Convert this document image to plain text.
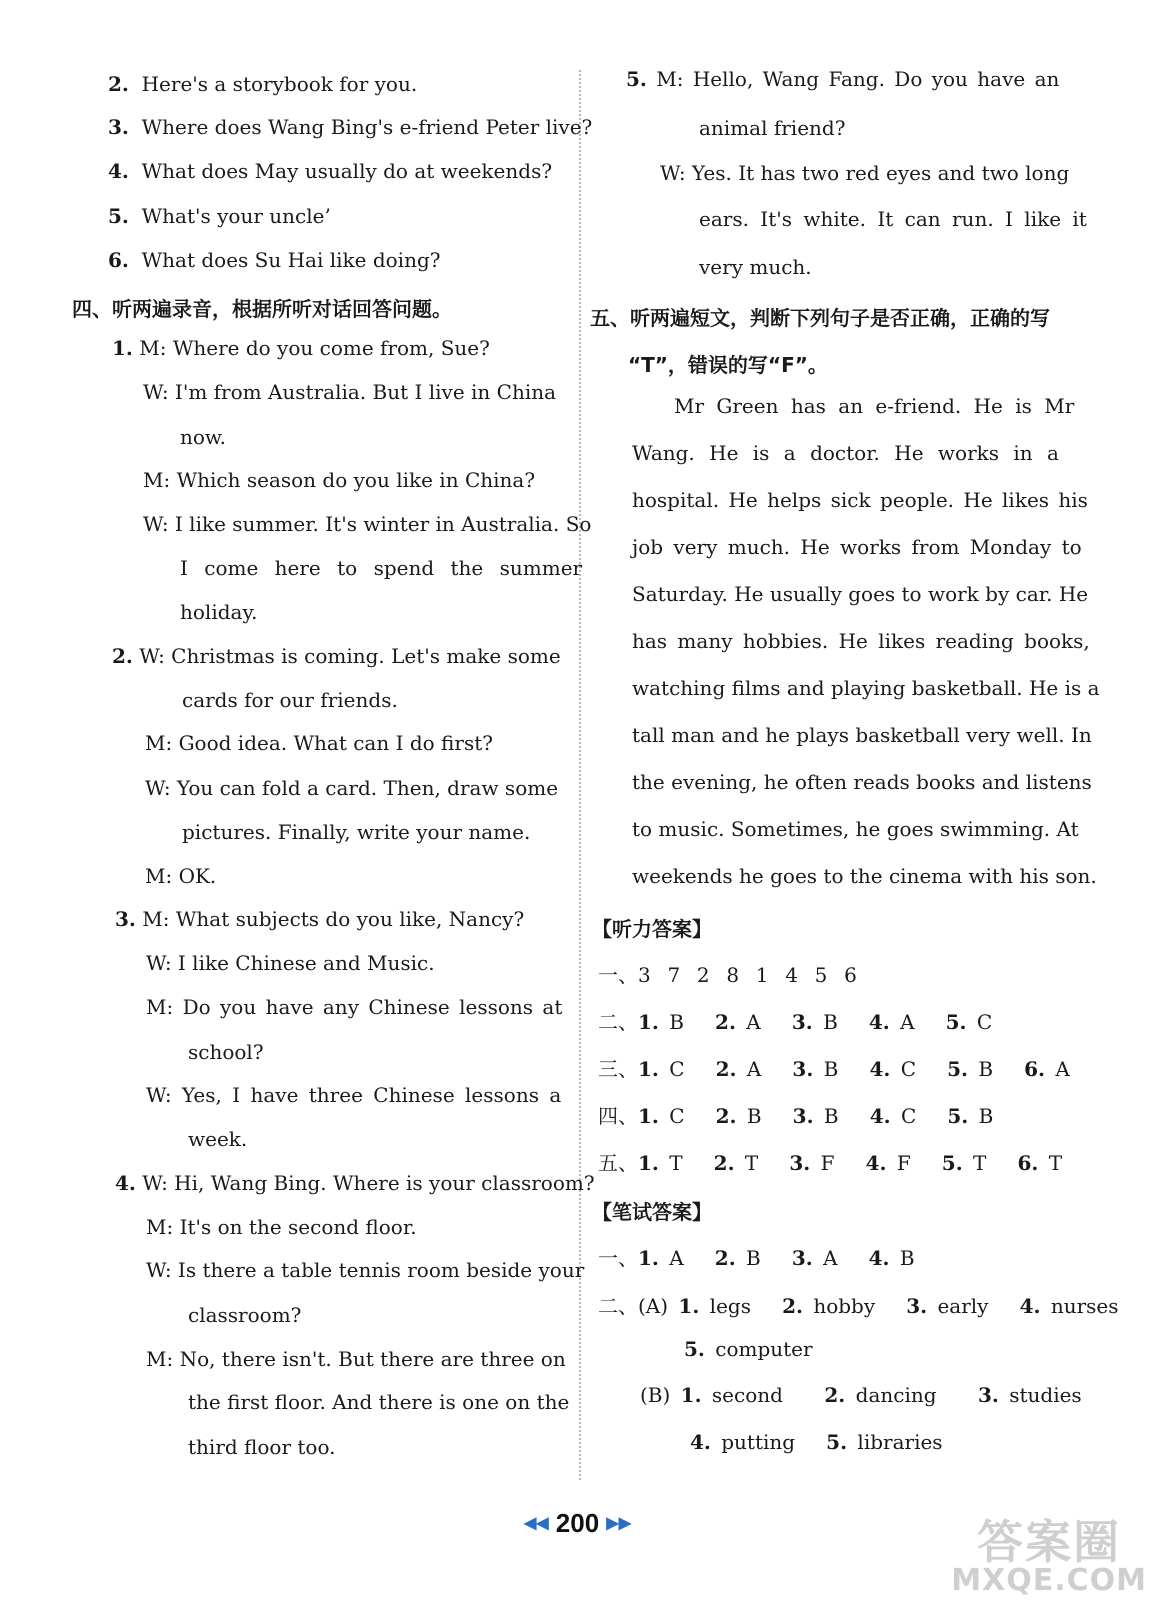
2. Here's a storybook for you.
3. Where does Wang Bing's e-friend Peter live?
4. What does May usually do at weekends?
5. What's your uncle’
6. What does Su Hai like doing?
四、听两遍录音，根据所听对话回答问题。
1. M: Where do you come from, Sue?
W: I'm from Australia. But I live in China
now.
M: Which season do you like in China?
W: I like summer. It's winter in Australia. So
I come here to spend the summer
holiday.
2. W: Christmas is coming. Let's make some
cards for our friends.
M: Good idea. What can I do first?
W: You can fold a card. Then, draw some
pictures. Finally, write your name.
M: OK.
3. M: What subjects do you like, Nancy?
W: I like Chinese and Music.
M: Do you have any Chinese lessons at
school?
W: Yes, I have three Chinese lessons a
week.
4. W: Hi, Wang Bing. Where is your classroom?
M: It's on the second floor.
W: Is there a table tennis room beside your
classroom?
M: No, there isn't. But there are three on
the first floor. And there is one on the
third floor too.
5. M: Hello, Wang Fang. Do you have an
animal friend?
W: Yes. It has two red eyes and two long
ears. It's white. It can run. I like it
very much.
五、听两遍短文，判断下列句子是否正确，正确的写
“T”，错误的写“F”。
Mr Green has an e-friend. He is Mr
Wang. He is a doctor. He works in a
hospital. He helps sick people. He likes his
job very much. He works from Monday to
Saturday. He usually goes to work by car. He
has many hobbies. He likes reading books,
watching films and playing basketball. He is a
tall man and he plays basketball very well. In
the evening, he often reads books and listens
to music. Sometimes, he goes swimming. At
weekends he goes to the cinema with his son.
【听力答案】
一、3  7  2  8  1  4  5  6
二、1. B 2. A 3. B 4. A 5. C
三、1. C 2. A 3. B 4. C 5. B 6. A
四、1. C 2. B 3. B 4. C 5. B
五、1. T 2. T 3. F 4. F 5. T 6. T
【笔试答案】
一、1. A 2. B 3. A 4. B
二、(A) 1. legs 2. hobby 3. early 4. nurses
5. computer
(B) 1. second 2. dancing 3. studies
4. putting 5. libraries
◀◀ 200 ▶▶	答案圈
MXQE.COM
